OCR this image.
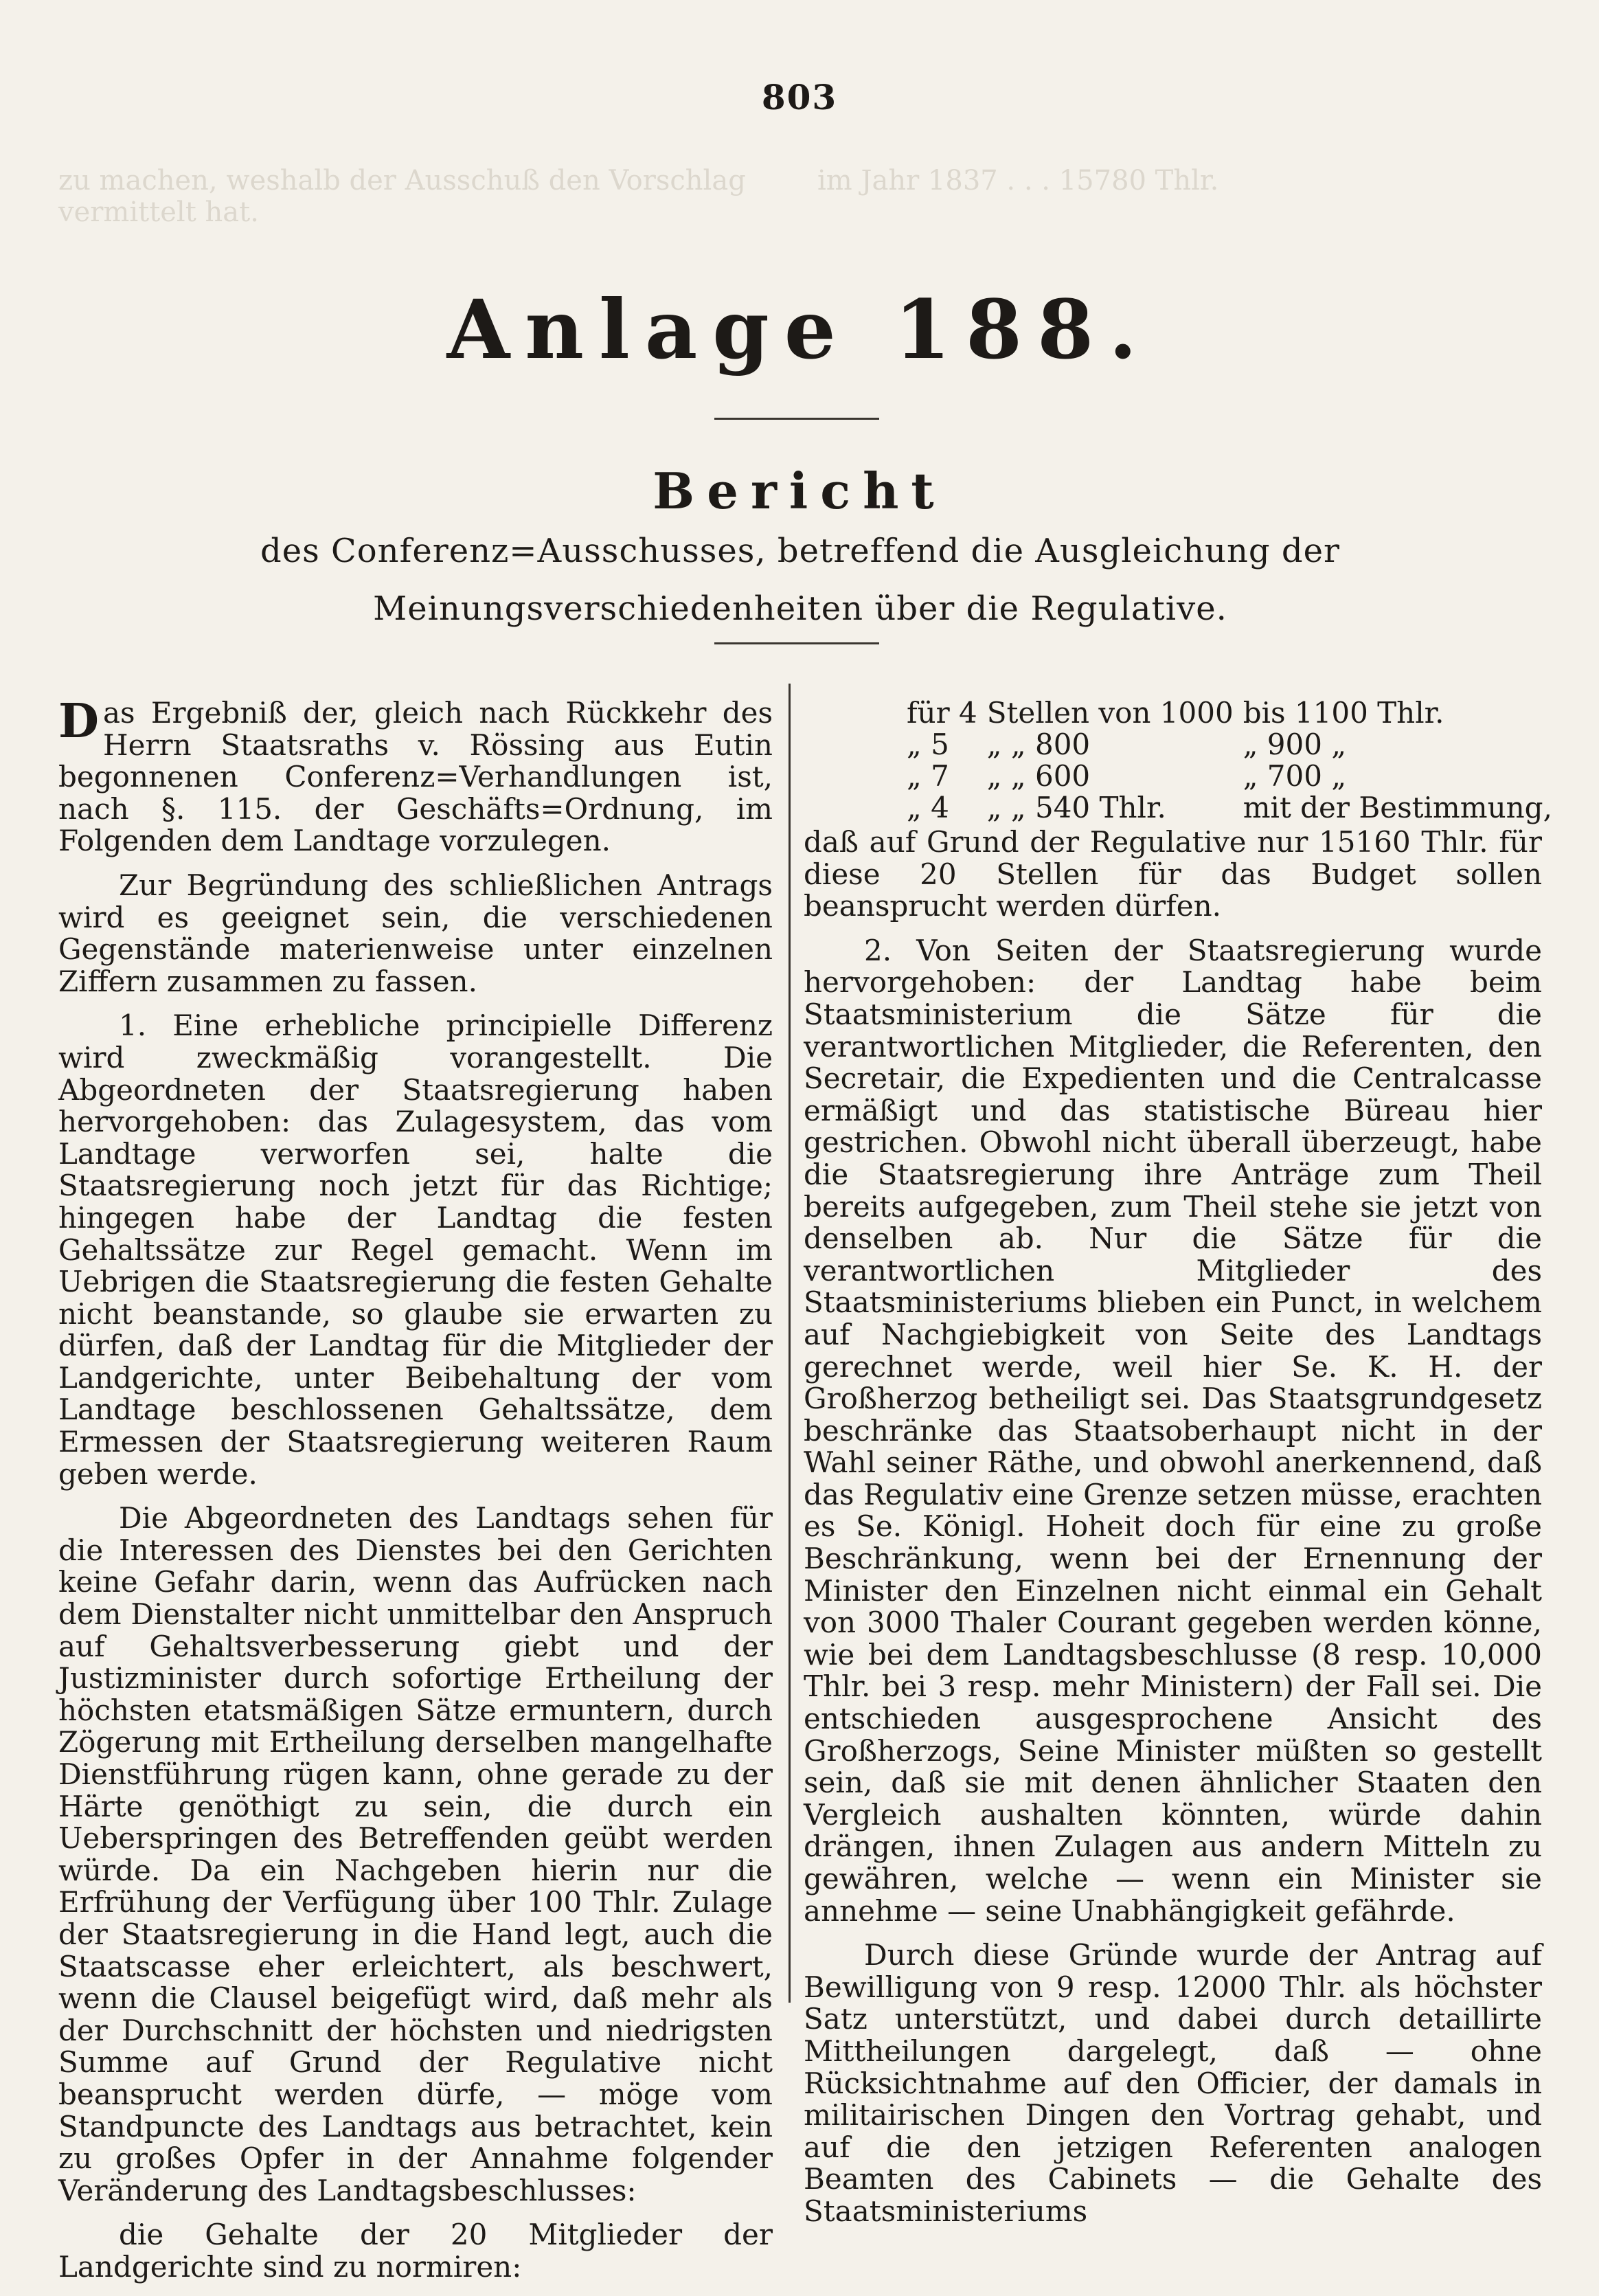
zu machen, weshalb der Ausschuß den Vorschlag vermittelt hat.
im Jahr 1837 . . . 15780 Thlr.
803
Anlage 188.
Bericht
des Conferenz=Ausschusses, betreffend die Ausgleichung der Meinungsverschiedenheiten über die Regulative.

Das Ergebniß der, gleich nach Rückkehr des Herrn Staatsraths v. Rössing aus Eutin begonnenen Conferenz=Verhandlungen ist, nach §. 115. der Geschäfts=Ordnung, im Folgenden dem Landtage vorzulegen.

Zur Begründung des schließlichen Antrags wird es geeignet sein, die verschiedenen Gegenstände materienweise unter einzelnen Ziffern zusammen zu fassen.

1. Eine erhebliche principielle Differenz wird zweckmäßig vorangestellt. Die Abgeordneten der Staatsregierung haben hervorgehoben: das Zulagesystem, das vom Landtage verworfen sei, halte die Staatsregierung noch jetzt für das Richtige; hingegen habe der Landtag die festen Gehaltssätze zur Regel gemacht. Wenn im Uebrigen die Staatsregierung die festen Gehalte nicht beanstande, so glaube sie erwarten zu dürfen, daß der Landtag für die Mitglieder der Landgerichte, unter Beibehaltung der vom Landtage beschlossenen Gehaltssätze, dem Ermessen der Staatsregierung weiteren Raum geben werde.

Die Abgeordneten des Landtags sehen für die Interessen des Dienstes bei den Gerichten keine Gefahr darin, wenn das Aufrücken nach dem Dienstalter nicht unmittelbar den Anspruch auf Gehaltsverbesserung giebt und der Justizminister durch sofortige Ertheilung der höchsten etatsmäßigen Sätze ermuntern, durch Zögerung mit Ertheilung derselben mangelhafte Dienstführung rügen kann, ohne gerade zu der Härte genöthigt zu sein, die durch ein Ueberspringen des Betreffenden geübt werden würde. Da ein Nachgeben hierin nur die Erfrühung der Verfügung über 100 Thlr. Zulage der Staatsregierung in die Hand legt, auch die Staatscasse eher erleichtert, als beschwert, wenn die Clausel beigefügt wird, daß mehr als der Durchschnitt der höchsten und niedrigsten Summe auf Grund der Regulative nicht beansprucht werden dürfe, — möge vom Standpuncte des Landtags aus betrachtet, kein zu großes Opfer in der Annahme folgender Veränderung des Landtagsbeschlusses:

die Gehalte der 20 Mitglieder der Landgerichte sind zu normiren:

für 4	Stellen von 1000	bis 1100 Thlr.
„ 5	„ „ 800	„ 900 „
„ 7	„ „ 600	„ 700 „
„ 4	„ „ 540 Thlr.	mit der Bestimmung,

daß auf Grund der Regulative nur 15160 Thlr. für diese 20 Stellen für das Budget sollen beansprucht werden dürfen.

2. Von Seiten der Staatsregierung wurde hervorgehoben: der Landtag habe beim Staatsministerium die Sätze für die verantwortlichen Mitglieder, die Referenten, den Secretair, die Expedienten und die Centralcasse ermäßigt und das statistische Büreau hier gestrichen. Obwohl nicht überall überzeugt, habe die Staatsregierung ihre Anträge zum Theil bereits aufgegeben, zum Theil stehe sie jetzt von denselben ab. Nur die Sätze für die verantwortlichen Mitglieder des Staatsministeriums blieben ein Punct, in welchem auf Nachgiebigkeit von Seite des Landtags gerechnet werde, weil hier Se. K. H. der Großherzog betheiligt sei. Das Staatsgrundgesetz beschränke das Staatsoberhaupt nicht in der Wahl seiner Räthe, und obwohl anerkennend, daß das Regulativ eine Grenze setzen müsse, erachten es Se. Königl. Hoheit doch für eine zu große Beschränkung, wenn bei der Ernennung der Minister den Einzelnen nicht einmal ein Gehalt von 3000 Thaler Courant gegeben werden könne, wie bei dem Landtagsbeschlusse (8 resp. 10,000 Thlr. bei 3 resp. mehr Ministern) der Fall sei. Die entschieden ausgesprochene Ansicht des Großherzogs, Seine Minister müßten so gestellt sein, daß sie mit denen ähnlicher Staaten den Vergleich aushalten könnten, würde dahin drängen, ihnen Zulagen aus andern Mitteln zu gewähren, welche — wenn ein Minister sie annehme — seine Unabhängigkeit gefährde.

Durch diese Gründe wurde der Antrag auf Bewilligung von 9 resp. 12000 Thlr. als höchster Satz unterstützt, und dabei durch detaillirte Mittheilungen dargelegt, daß — ohne Rücksichtnahme auf den Officier, der damals in militairischen Dingen den Vortrag gehabt, und auf die den jetzigen Referenten analogen Beamten des Cabinets — die Gehalte des Staatsministeriums
